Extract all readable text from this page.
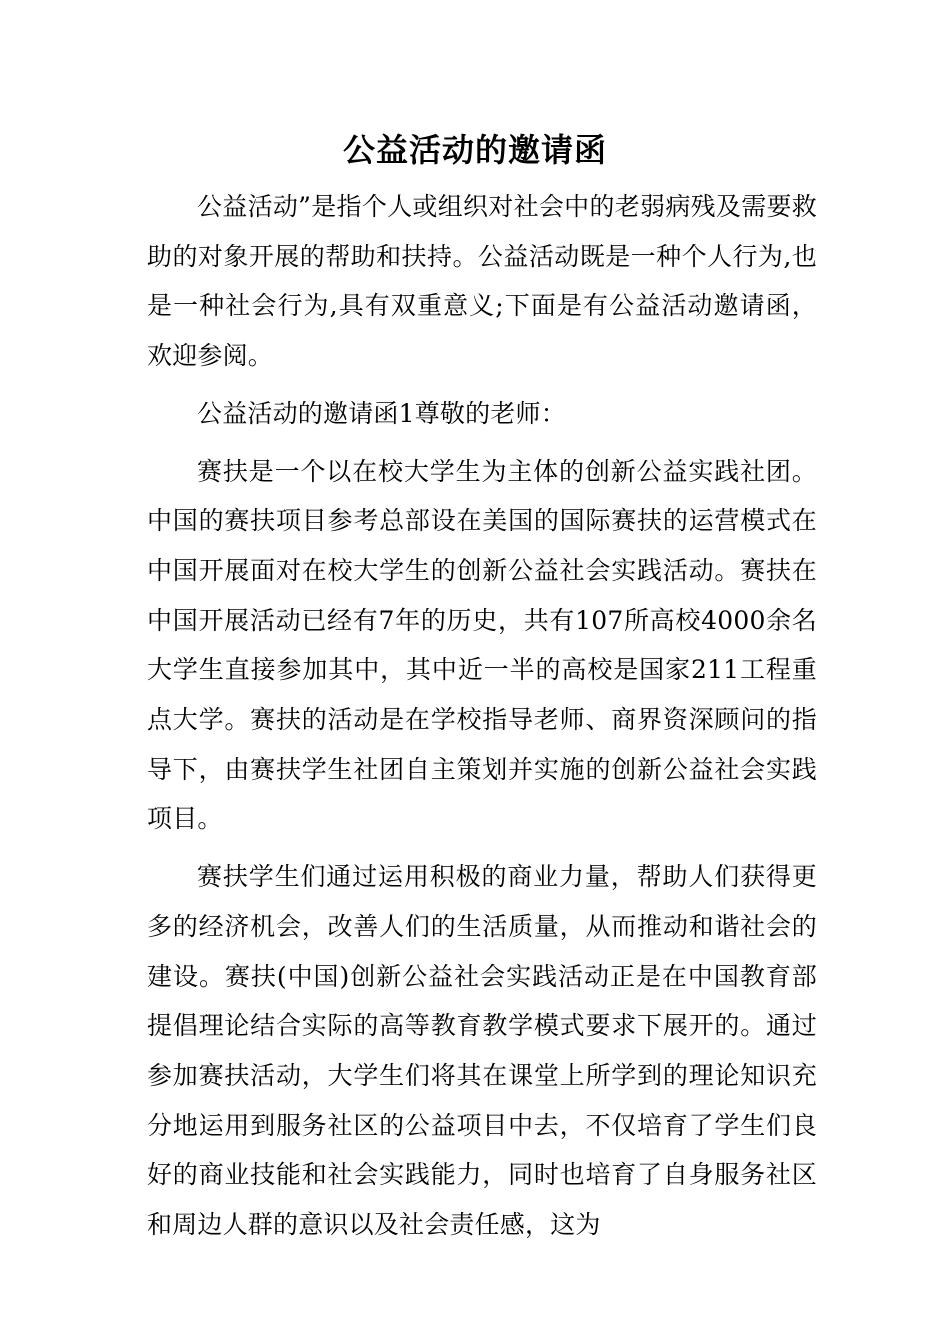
公益活动的邀请函

公益活动”是指个人或组织对社会中的老弱病残及需要救助的对象开展的帮助和扶持。公益活动既是一种个人行为,也是一种社会行为,具有双重意义;下面是有公益活动邀请函，欢迎参阅。

公益活动的邀请函1尊敬的老师：

赛扶是一个以在校大学生为主体的创新公益实践社团。中国的赛扶项目参考总部设在美国的国际赛扶的运营模式在中国开展面对在校大学生的创新公益社会实践活动。赛扶在中国开展活动已经有7年的历史，共有107所高校4000余名大学生直接参加其中，其中近一半的高校是国家211工程重点大学。赛扶的活动是在学校指导老师、商界资深顾问的指导下，由赛扶学生社团自主策划并实施的创新公益社会实践项目。

赛扶学生们通过运用积极的商业力量，帮助人们获得更多的经济机会，改善人们的生活质量，从而推动和谐社会的建设。赛扶(中国)创新公益社会实践活动正是在中国教育部提倡理论结合实际的高等教育教学模式要求下展开的。通过参加赛扶活动，大学生们将其在课堂上所学到的理论知识充分地运用到服务社区的公益项目中去，不仅培育了学生们良好的商业技能和社会实践能力，同时也培育了自身服务社区和周边人群的意识以及社会责任感，这为
